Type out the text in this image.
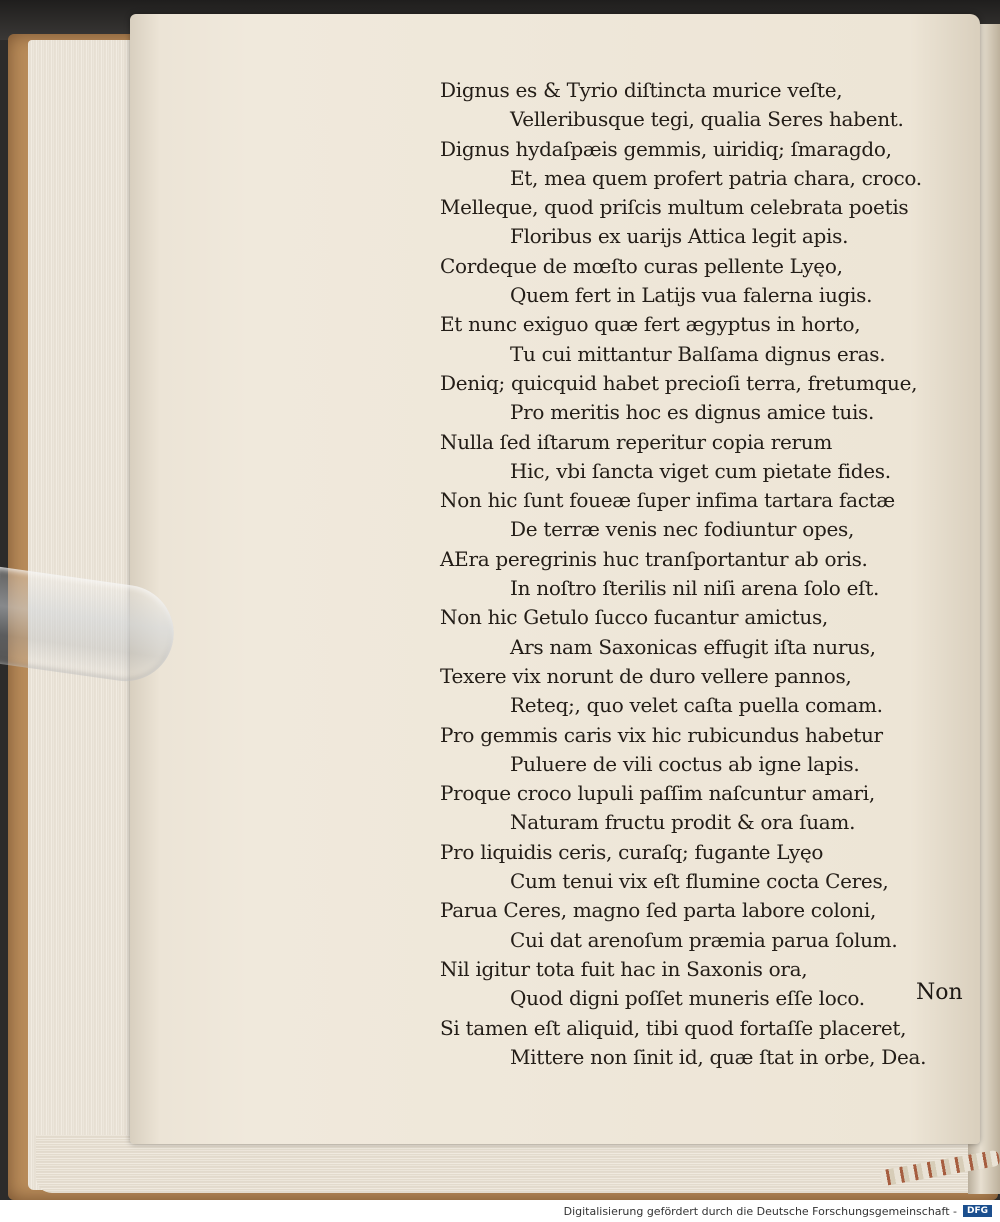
Dignus es & Tyrio diſtincta murice veſte,
Velleribusque tegi, qualia Seres habent.
Dignus hydaſpæis gemmis, uiridiq; ſmaragdo,
Et, mea quem profert patria chara, croco.
Melleque, quod priſcis multum celebrata poetis
Floribus ex uarijs Attica legit apis.
Cordeque de mœſto curas pellente Lyęo,
Quem fert in Latijs vua falerna iugis.
Et nunc exiguo quæ fert ægyptus in horto,
Tu cui mittantur Balſama dignus eras.
Deniq; quicquid habet precioſi terra, fretumque,
Pro meritis hoc es dignus amice tuis.
Nulla ſed iſtarum reperitur copia rerum
Hic, vbi ſancta viget cum pietate fides.
Non hic ſunt foueæ ſuper infima tartara factæ
De terræ venis nec fodiuntur opes,
AEra peregrinis huc tranſportantur ab oris.
In noſtro ſterilis nil niſi arena ſolo eſt.
Non hic Getulo ſucco fucantur amictus,
Ars nam Saxonicas effugit iſta nurus,
Texere vix norunt de duro vellere pannos,
Reteq;, quo velet caſta puella comam.
Pro gemmis caris vix hic rubicundus habetur
Puluere de vili coctus ab igne lapis.
Proque croco lupuli paſſim naſcuntur amari,
Naturam fructu prodit & ora ſuam.
Pro liquidis ceris, curaſq; fugante Lyęo
Cum tenui vix eſt flumine cocta Ceres,
Parua Ceres, magno ſed parta labore coloni,
Cui dat arenoſum præmia parua ſolum.
Nil igitur tota fuit hac in Saxonis ora,
Quod digni poſſet muneris eſſe loco.
Si tamen eſt aliquid, tibi quod fortaſſe placeret,
Mittere non ſinit id, quæ ſtat in orbe, Dea.
Non
Digitalisierung gefördert durch die Deutsche Forschungsgemeinschaft -	DFG
